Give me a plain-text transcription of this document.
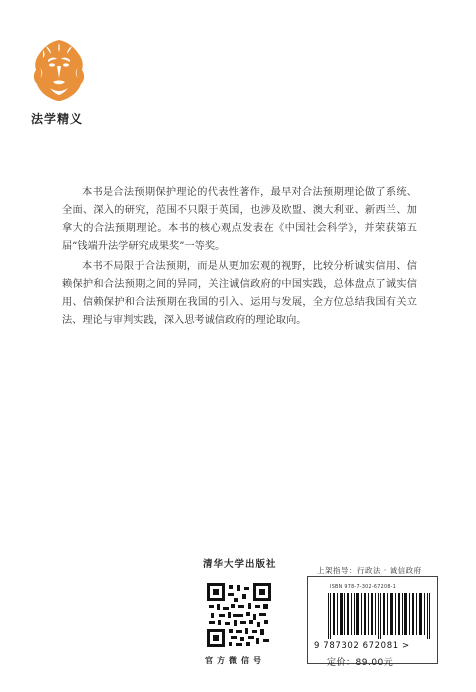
法学精义

本书是合法预期保护理论的代表性著作，最早对合法预期理论做了系统、全面、深入的研究，范围不只限于英国，也涉及欧盟、澳大利亚、新西兰、加拿大的合法预期理论。本书的核心观点发表在《中国社会科学》，并荣获第五届“钱端升法学研究成果奖”一等奖。

本书不局限于合法预期，而是从更加宏观的视野，比较分析诚实信用、信赖保护和合法预期之间的异同，关注诚信政府的中国实践，总体盘点了诚实信用、信赖保护和合法预期在我国的引入、运用与发展，全方位总结我国有关立法、理论与审判实践，深入思考诚信政府的理论取向。

清华大学出版社
官方微信号
上架指导：行政法 · 诚信政府
ISBN 978-7-302-67208-1
9 787302 672081 >
定价：89.00元
